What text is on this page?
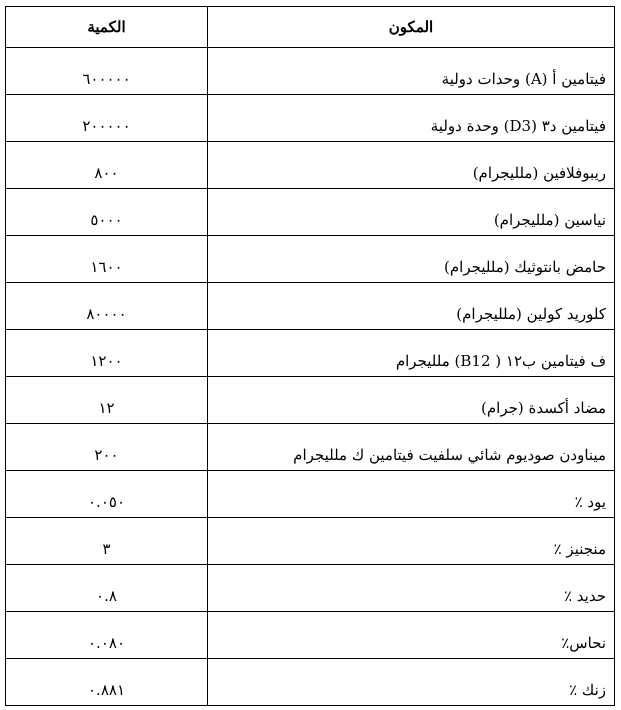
المكون	الكمية
فيتامين أ (A) وحدات دولية	٦٠٠٠٠٠
فيتامين د٣ (D3) وحدة دولية	٢٠٠٠٠٠
ريبوفلافين (ملليجرام)	٨٠٠
نياسين (ملليجرام)	٥٠٠٠
حامض بانتوثيك (ملليجرام)	١٦٠٠
كلوريد كولين (ملليجرام)	٨٠٠٠٠
ف فيتامين ب١٢ ( B12) ملليجرام	١٢٠٠
مضاد أكسدة (جرام)	١٢
ميناودن صوديوم شائي سلفيت فيتامين ك ملليجرام	٢٠٠
يود ٪	٠.٠٥٠
منجنيز ٪	٣
حديد ٪	٠.٨
نحاس٪	٠.٠٨٠
زنك ٪	٠.٨٨١
